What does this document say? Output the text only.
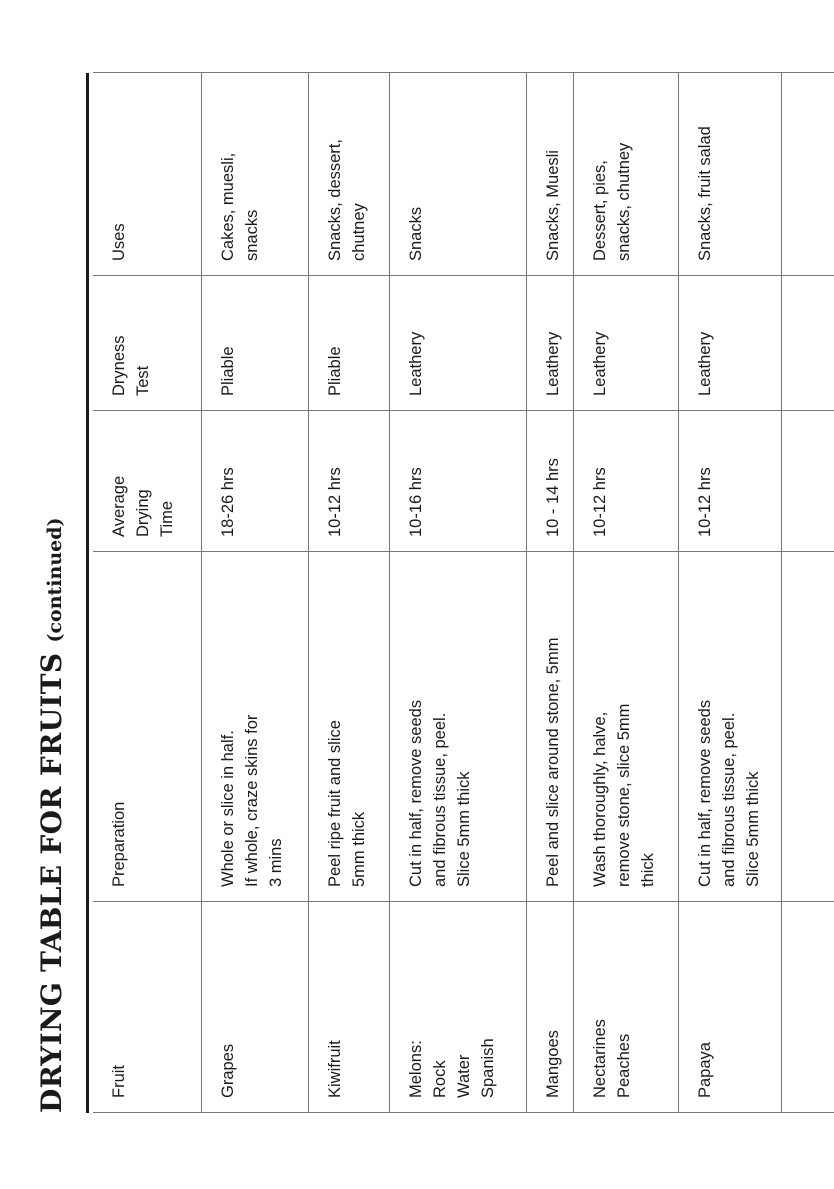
DRYING TABLE FOR FRUITS (continued)
Fruit	Preparation	Average
Drying
Time	Dryness
Test	Uses
Grapes	Whole or slice in half.
If whole, craze skins for
3 mins	18-26 hrs	Pliable	Cakes, muesli,
snacks
Kiwifruit	Peel ripe fruit and slice
5mm thick	10-12 hrs	Pliable	Snacks, dessert,
chutney
Melons:
Rock
Water
Spanish	Cut in half, remove seeds
and fibrous tissue, peel.
Slice 5mm thick	10-16 hrs	Leathery	Snacks
Mangoes	Peel and slice around stone, 5mm	10 - 14 hrs	Leathery	Snacks, Muesli
Nectarines
Peaches	Wash thoroughly, halve,
remove stone, slice 5mm
thick	10-12 hrs	Leathery	Dessert, pies,
snacks, chutney
Papaya	Cut in half, remove seeds
and fibrous tissue, peel.
Slice 5mm thick	10-12 hrs	Leathery	Snacks, fruit salad
